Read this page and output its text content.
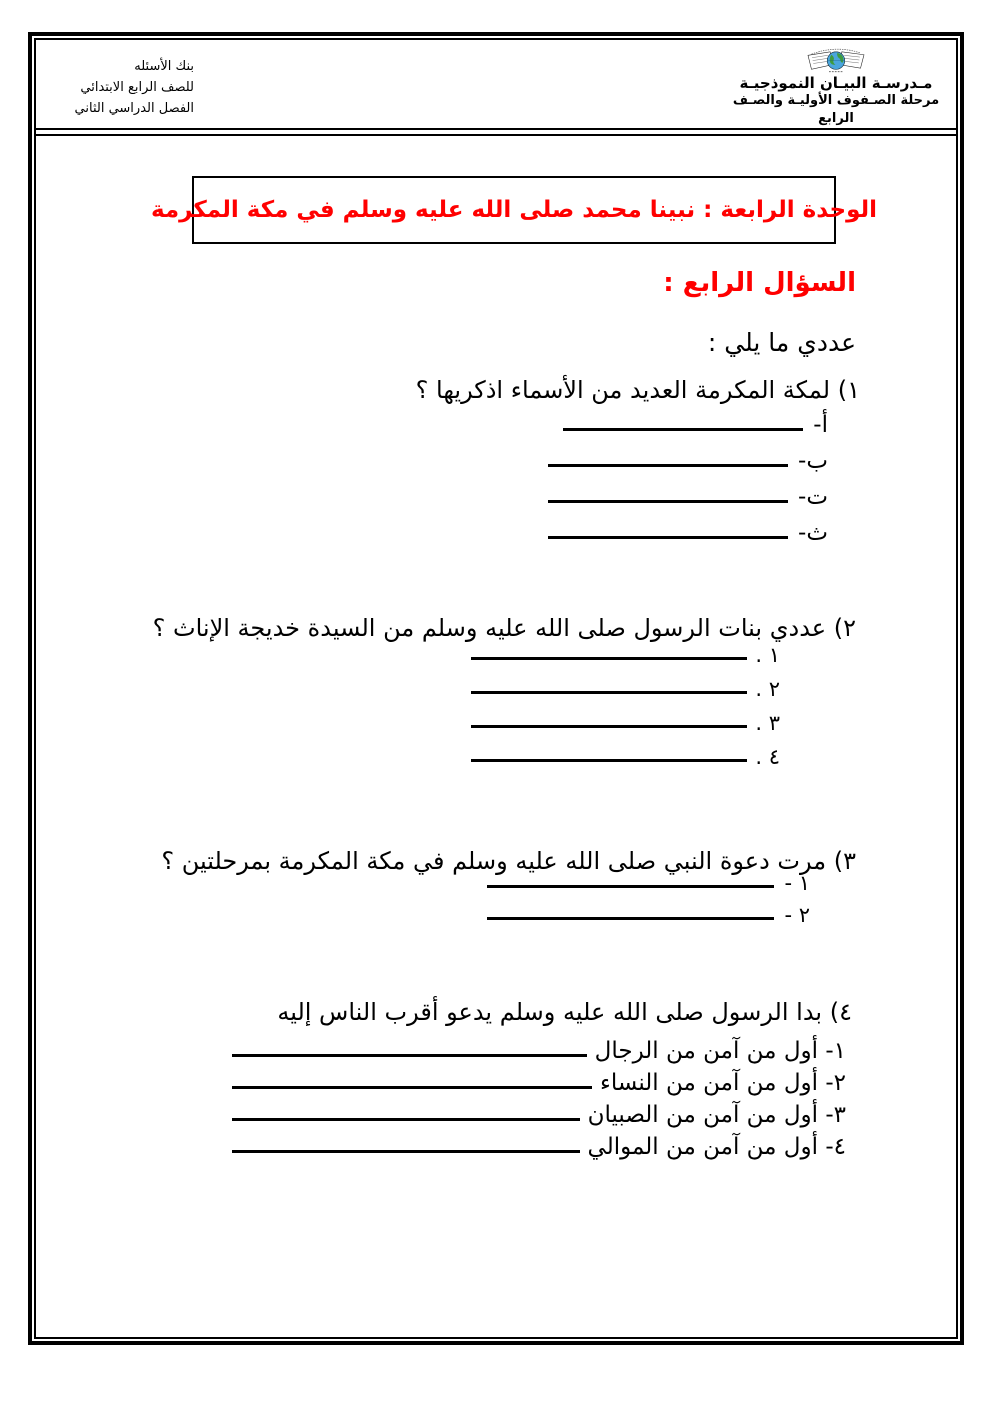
مـدرسـة البيـان النموذجيـة
مرحلة الصـفوف الأوليـة والصـف الرابع
بنك الأسئله
للصف الرابع الابتدائي
الفصل الدراسي الثاني
الوحدة الرابعة : نبينا محمد صلى الله عليه وسلم في مكة المكرمة
السؤال الرابع :
عددي ما يلي :
١) لمكة المكرمة العديد من الأسماء اذكريها ؟
أ-
ب-
ت-
ث-
٢) عددي بنات الرسول صلى الله عليه وسلم من السيدة خديجة الإناث ؟
١ .
٢ .
٣ .
٤ .
٣) مرت دعوة النبي صلى الله عليه وسلم في مكة المكرمة بمرحلتين ؟
١ -
٢ -
٤) بدا الرسول صلى الله عليه وسلم يدعو أقرب الناس إليه
١- أول من آمن من الرجال
٢- أول من آمن من النساء
٣- أول من آمن من الصبيان
٤- أول من آمن من الموالي
